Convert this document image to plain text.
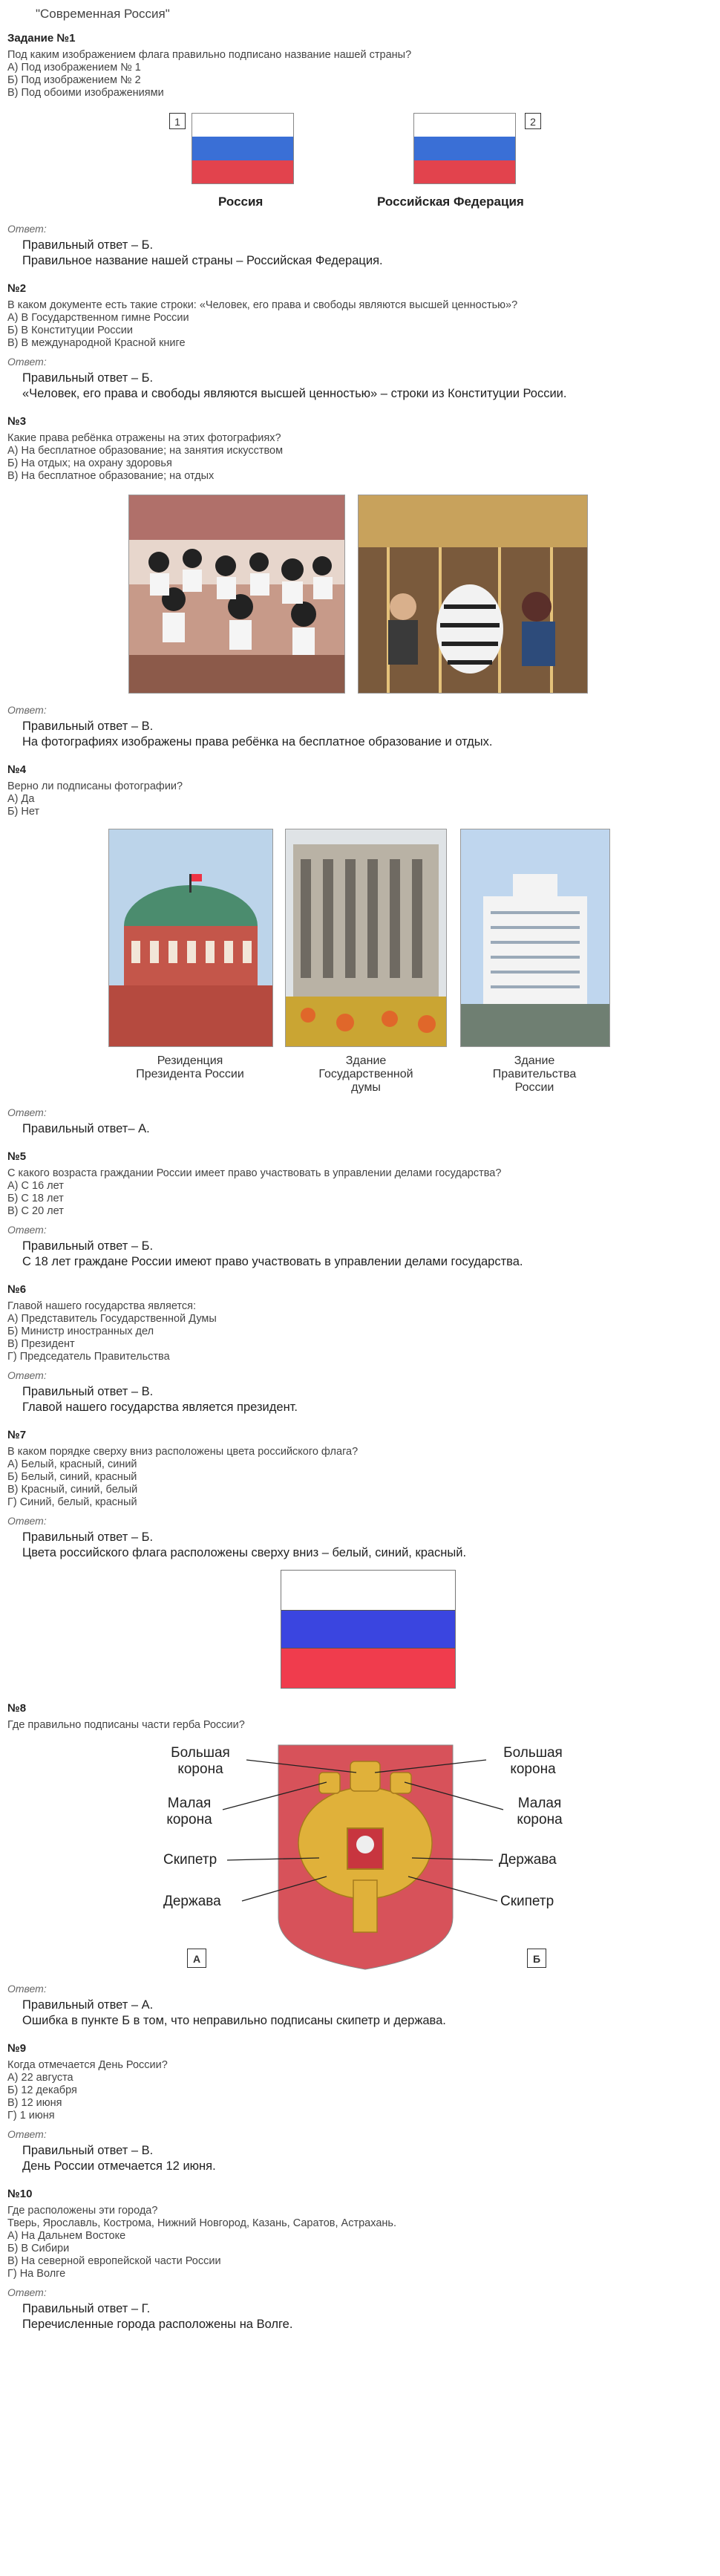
"Современная Россия"
Задание №1
Под каким изображением флага правильно подписано название нашей страны?
А) Под изображением № 1
Б) Под изображением № 2
В) Под обоими изображениями
1
Россия
2
Российская Федерация
Ответ:
Правильный ответ – Б.
Правильное название нашей страны – Российская Федерация.
№2
В каком документе есть такие строки: «Человек, его права и свободы являются высшей ценностью»?
А) В Государственном гимне России
Б) В Конституции России
В) В международной Красной книге
Ответ:
Правильный ответ – Б.
«Человек, его права и свободы являются высшей ценностью» – строки из Конституции России.
№3
Какие права ребёнка отражены на этих фотографиях?
А) На бесплатное образование; на занятия искусством
Б) На отдых; на охрану здоровья
В) На бесплатное образование; на отдых
Ответ:
Правильный ответ – В.
На фотографиях изображены права ребёнка на бесплатное образование и отдых.
№4
Верно ли подписаны фотографии?
А) Да
Б) Нет
Резиденция
Президента России
Здание
Государственной
думы
Здание
Правительства
России
Ответ:
Правильный ответ– А.
№5
С какого возраста граждании России имеет право участвовать в управлении делами государства?
А) С 16 лет
Б) С 18 лет
В) С 20 лет
Ответ:
Правильный ответ – Б.
С 18 лет граждане России имеют право участвовать в управлении делами государства.
№6
Главой нашего государства является:
А) Представитель Государственной Думы
Б) Министр иностранных дел
В) Президент
Г) Председатель Правительства
Ответ:
Правильный ответ – В.
Главой нашего государства является президент.
№7
В каком порядке сверху вниз расположены цвета российского флага?
А) Белый, красный, синий
Б) Белый, синий, красный
В) Красный, синий, белый
Г) Синий, белый, красный
Ответ:
Правильный ответ – Б.
Цвета российского флага расположены сверху вниз – белый, синий, красный.
№8
Где правильно подписаны части герба России?
Большая корона
Малая корона
Скипетр
Держава
Большая корона
Малая корона
Держава
Скипетр
А	Б
Ответ:
Правильный ответ – А.
Ошибка в пункте Б в том, что неправильно подписаны скипетр и держава.
№9
Когда отмечается День России?
А) 22 августа
Б) 12 декабря
В) 12 июня
Г) 1 июня
Ответ:
Правильный ответ – В.
День России отмечается 12 июня.
№10
Где расположены эти города?
Тверь, Ярославль, Кострома, Нижний Новгород, Казань, Саратов, Астрахань.
А) На Дальнем Востоке
Б) В Сибири
В) На северной европейской части России
Г) На Волге
Ответ:
Правильный ответ – Г.
Перечисленные города расположены на Волге.
